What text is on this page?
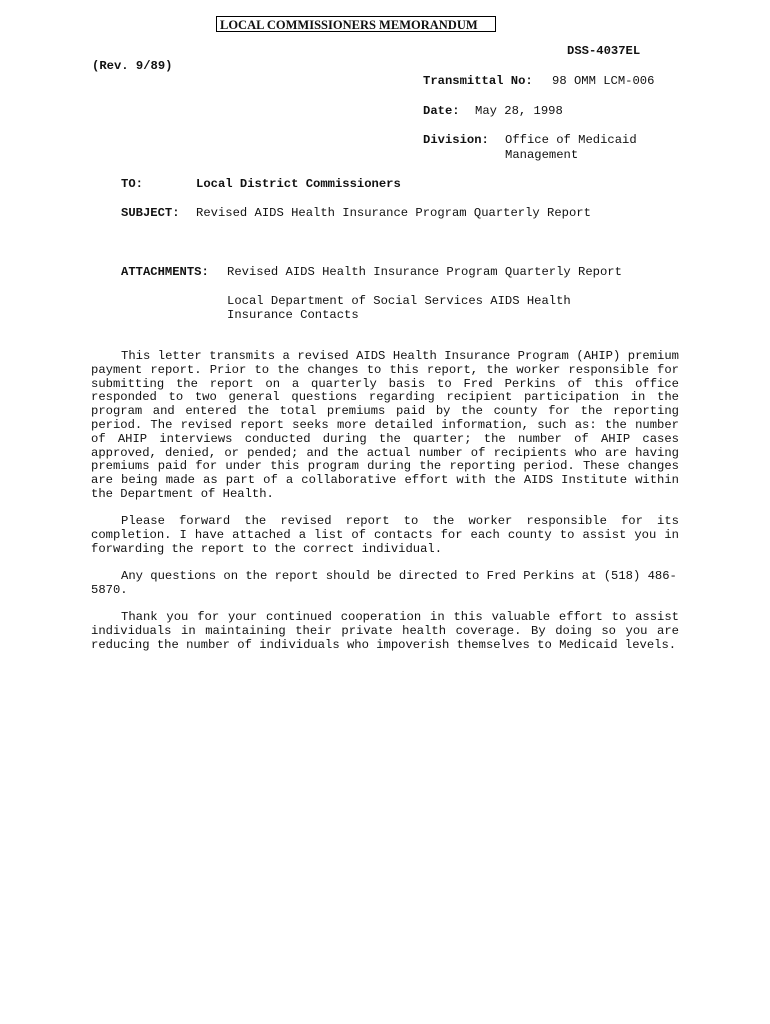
LOCAL COMMISSIONERS MEMORANDUM
DSS-4037EL
(Rev. 9/89)
Transmittal No: 98 OMM LCM-006
Date: May 28, 1998
Division: Office of Medicaid
Management
TO:	Local District Commissioners
SUBJECT: Revised AIDS Health Insurance Program Quarterly Report
ATTACHMENTS: Revised AIDS Health Insurance Program Quarterly Report
Local Department of Social Services AIDS Health
Insurance Contacts
This letter transmits a revised AIDS Health Insurance Program (AHIP) premium payment report. Prior to the changes to this report, the worker responsible for submitting the report on a quarterly basis to Fred Perkins of this office responded to two general questions regarding recipient participation in the program and entered the total premiums paid by the county for the reporting period. The revised report seeks more detailed information, such as: the number of AHIP interviews conducted during the quarter; the number of AHIP cases approved, denied, or pended; and the actual number of recipients who are having premiums paid for under this program during the reporting period. These changes are being made as part of a collaborative effort with the AIDS Institute within the Department of Health.
Please forward the revised report to the worker responsible for its completion. I have attached a list of contacts for each county to assist you in forwarding the report to the correct individual.
Any questions on the report should be directed to Fred Perkins at (518) 486-5870.
Thank you for your continued cooperation in this valuable effort to assist individuals in maintaining their private health coverage. By doing so you are reducing the number of individuals who impoverish themselves to Medicaid levels.
